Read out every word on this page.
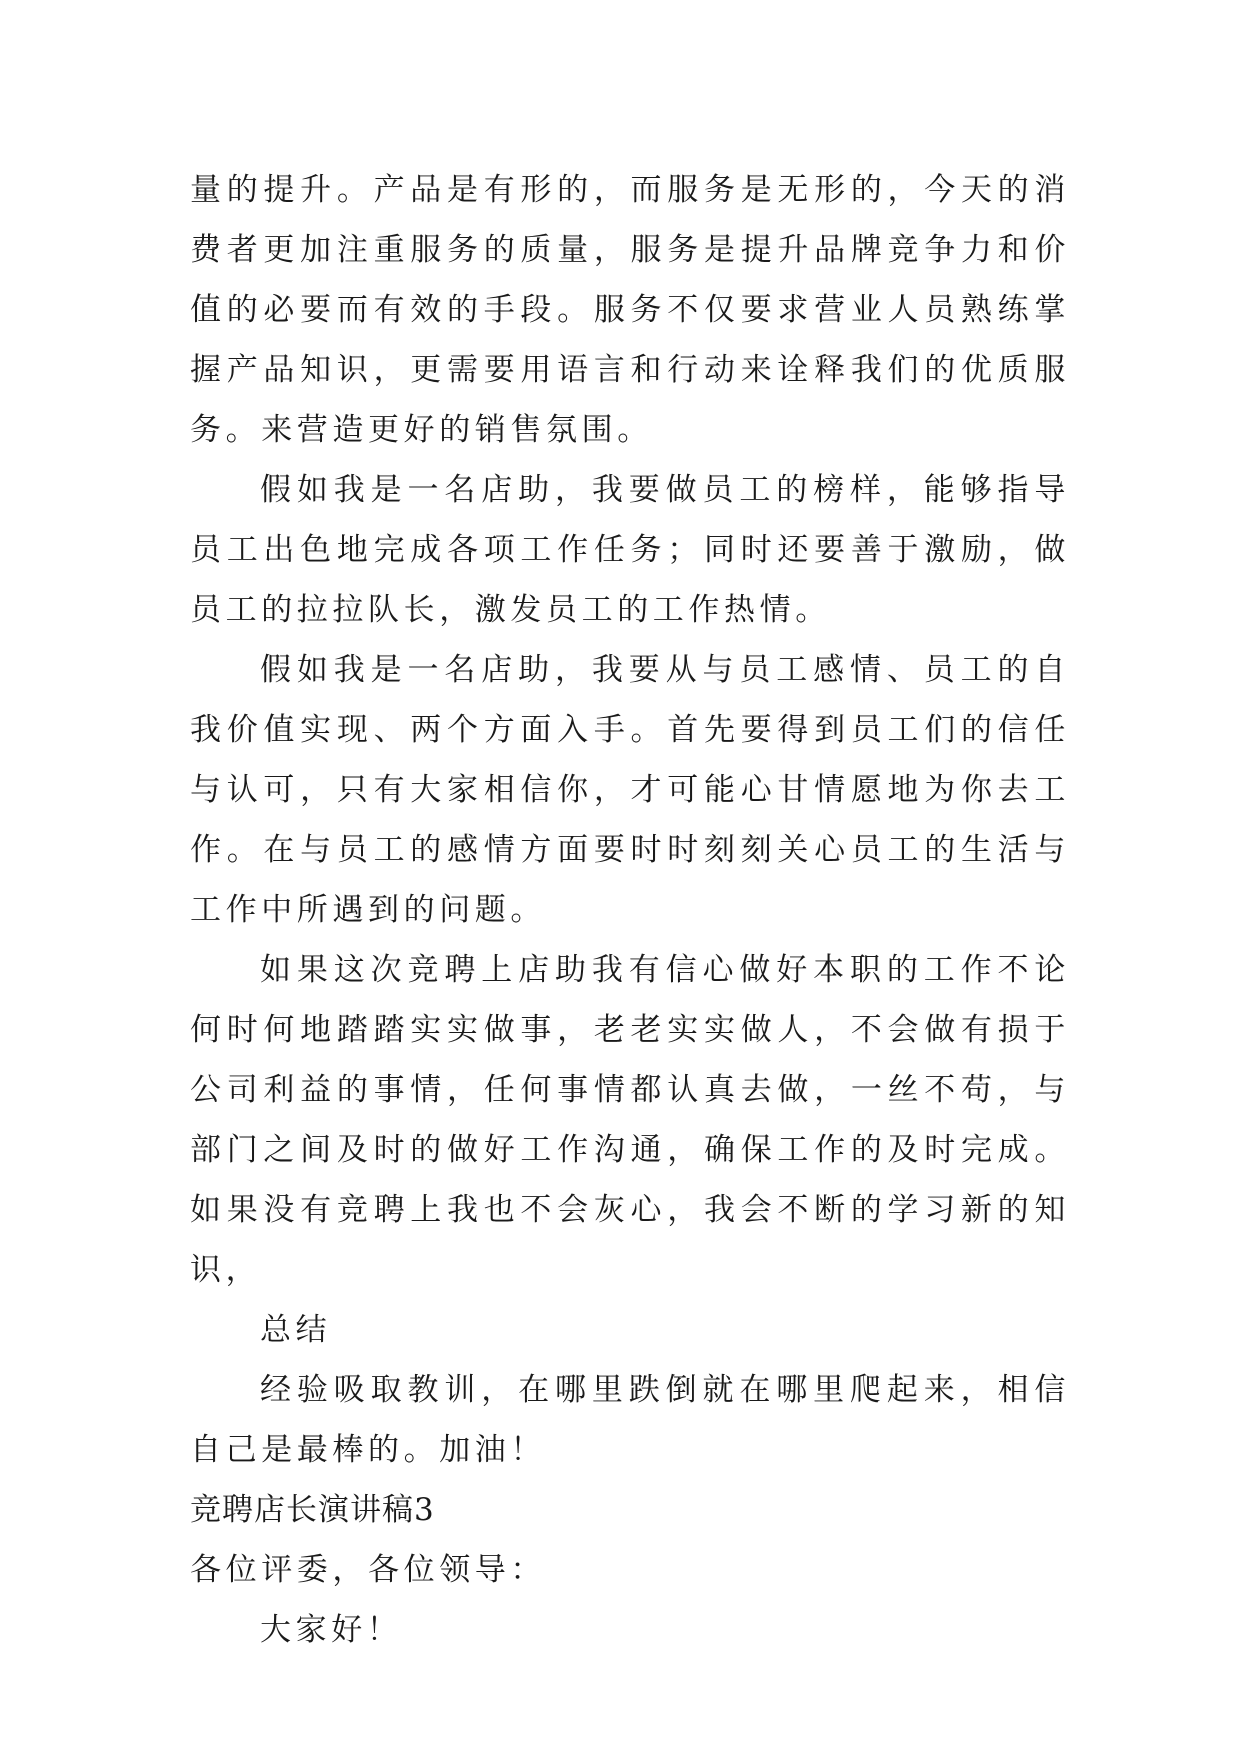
量的提升。产品是有形的，而服务是无形的，今天的消费者更加注重服务的质量，服务是提升品牌竞争力和价值的必要而有效的手段。服务不仅要求营业人员熟练掌握产品知识，更需要用语言和行动来诠释我们的优质服务。来营造更好的销售氛围。

假如我是一名店助，我要做员工的榜样，能够指导员工出色地完成各项工作任务；同时还要善于激励，做员工的拉拉队长，激发员工的工作热情。

假如我是一名店助，我要从与员工感情、员工的自我价值实现、两个方面入手。首先要得到员工们的信任与认可，只有大家相信你，才可能心甘情愿地为你去工作。在与员工的感情方面要时时刻刻关心员工的生活与工作中所遇到的问题。

如果这次竞聘上店助我有信心做好本职的工作不论何时何地踏踏实实做事，老老实实做人，不会做有损于公司利益的事情，任何事情都认真去做，一丝不苟，与部门之间及时的做好工作沟通，确保工作的及时完成。如果没有竞聘上我也不会灰心，我会不断的学习新的知识，

总结

经验吸取教训，在哪里跌倒就在哪里爬起来，相信自己是最棒的。加油！

竞聘店长演讲稿3

各位评委，各位领导：

大家好！
